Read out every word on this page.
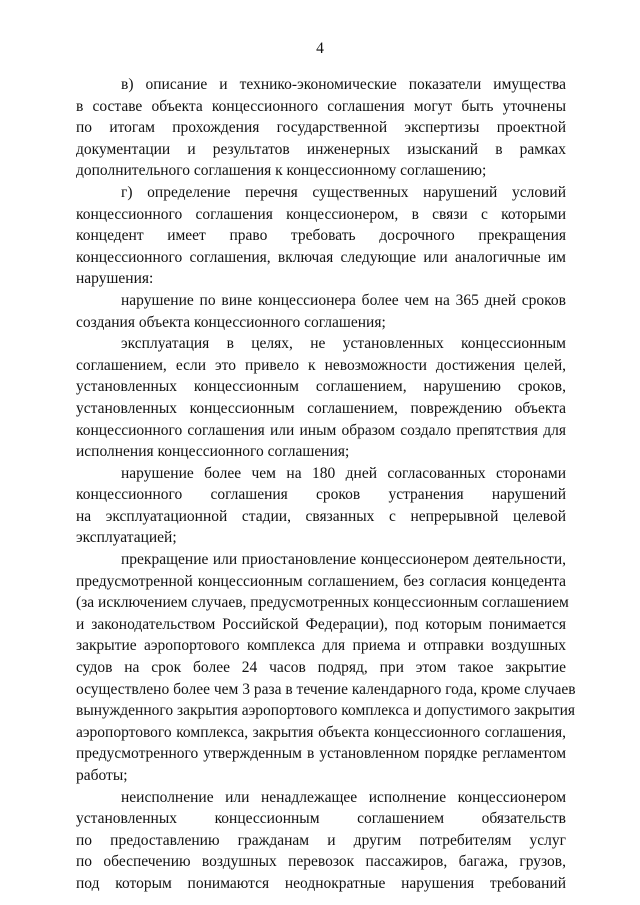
4
в) описание и технико-экономические показатели имущества
в составе объекта концессионного соглашения могут быть уточнены
по итогам прохождения государственной экспертизы проектной
документации и результатов инженерных изысканий в рамках
дополнительного соглашения к концессионному соглашению;
г) определение перечня существенных нарушений условий
концессионного соглашения концессионером, в связи с которыми
концедент имеет право требовать досрочного прекращения
концессионного соглашения, включая следующие или аналогичные им
нарушения:
нарушение по вине концессионера более чем на 365 дней сроков
создания объекта концессионного соглашения;
эксплуатация в целях, не установленных концессионным
соглашением, если это привело к невозможности достижения целей,
установленных концессионным соглашением, нарушению сроков,
установленных концессионным соглашением, повреждению объекта
концессионного соглашения или иным образом создало препятствия для
исполнения концессионного соглашения;
нарушение более чем на 180 дней согласованных сторонами
концессионного соглашения сроков устранения нарушений
на эксплуатационной стадии, связанных с непрерывной целевой
эксплуатацией;
прекращение или приостановление концессионером деятельности,
предусмотренной концессионным соглашением, без согласия концедента
(за исключением случаев, предусмотренных концессионным соглашением
и законодательством Российской Федерации), под которым понимается
закрытие аэропортового комплекса для приема и отправки воздушных
судов на срок более 24 часов подряд, при этом такое закрытие
осуществлено более чем 3 раза в течение календарного года, кроме случаев
вынужденного закрытия аэропортового комплекса и допустимого закрытия
аэропортового комплекса, закрытия объекта концессионного соглашения,
предусмотренного утвержденным в установленном порядке регламентом
работы;
неисполнение или ненадлежащее исполнение концессионером
установленных концессионным соглашением обязательств
по предоставлению гражданам и другим потребителям услуг
по обеспечению воздушных перевозок пассажиров, багажа, грузов,
под которым понимаются неоднократные нарушения требований
